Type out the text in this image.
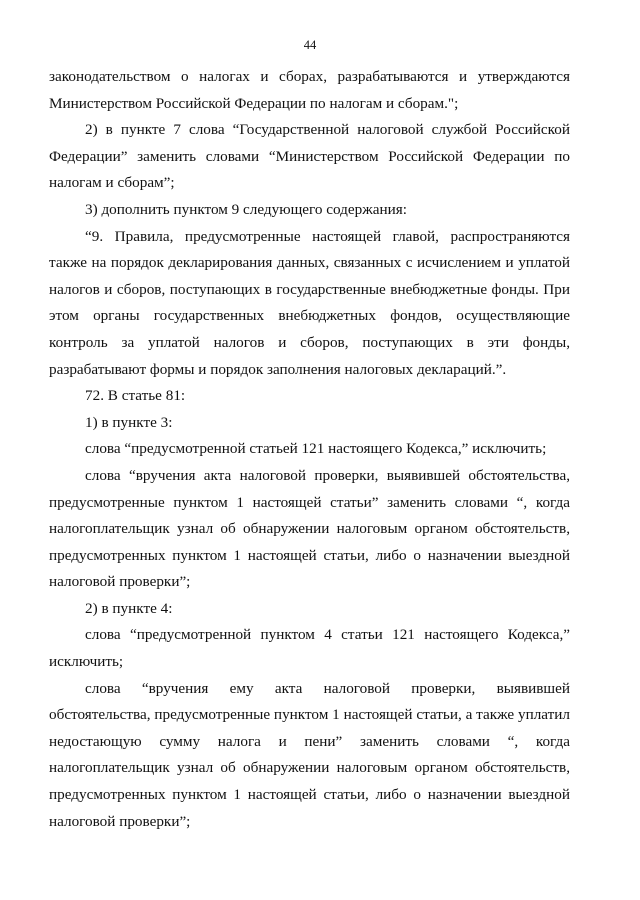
44

законодательством о налогах и сборах, разрабатываются и утверждаются Министерством Российской Федерации по налогам и сборам.";

2) в пункте 7 слова “Государственной налоговой службой Российской Федерации” заменить словами “Министерством Российской Федерации по налогам и сборам”;

3) дополнить пунктом 9 следующего содержания:

“9. Правила, предусмотренные настоящей главой, распространяются также на порядок декларирования данных, связанных с исчислением и уплатой налогов и сборов, поступающих в государственные внебюджетные фонды. При этом органы государственных внебюджетных фондов, осуществляющие контроль за уплатой налогов и сборов, поступающих в эти фонды, разрабатывают формы и порядок заполнения налоговых деклараций.”.

72. В статье 81:

1) в пункте 3:

слова “предусмотренной статьей 121 настоящего Кодекса,” исключить;

слова “вручения акта налоговой проверки, выявившей обстоятельства, предусмотренные пунктом 1 настоящей статьи” заменить словами “, когда налогоплательщик узнал об обнаружении налоговым органом обстоятельств, предусмотренных пунктом 1 настоящей статьи, либо о назначении выездной налоговой проверки”;

2) в пункте 4:

слова “предусмотренной пунктом 4 статьи 121 настоящего Кодекса,” исключить;

слова “вручения ему акта налоговой проверки, выявившей обстоятельства, предусмотренные пунктом 1 настоящей статьи, а также уплатил недостающую сумму налога и пени” заменить словами “, когда налогоплательщик узнал об обнаружении налоговым органом обстоятельств, предусмотренных пунктом 1 настоящей статьи, либо о назначении выездной налоговой проверки”;
